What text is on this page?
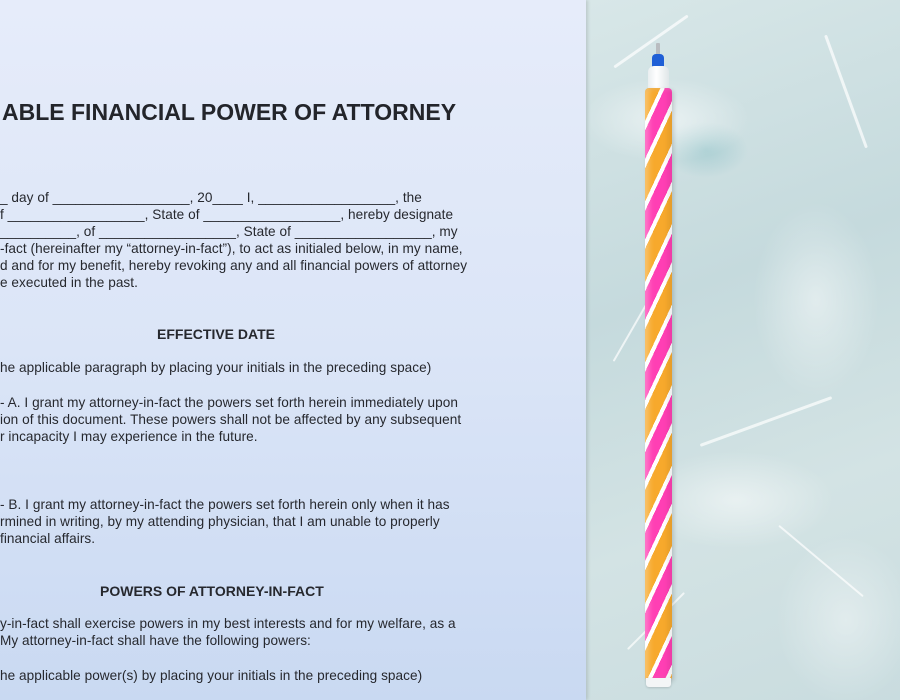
ABLE FINANCIAL POWER OF ATTORNEY
_ day of __________________, 20____ I, __________________, the
f __________________, State of __________________, hereby designate
__________, of __________________, State of __________________, my
-fact (hereinafter my “attorney-in-fact”), to act as initialed below, in my name,
d and for my benefit, hereby revoking any and all financial powers of attorney
e executed in the past.
EFFECTIVE DATE
he applicable paragraph by placing your initials in the preceding space)
- A. I grant my attorney-in-fact the powers set forth herein immediately upon
ion of this document. These powers shall not be affected by any subsequent
r incapacity I may experience in the future.
- B. I grant my attorney-in-fact the powers set forth herein only when it has
rmined in writing, by my attending physician, that I am unable to properly
financial affairs.
POWERS OF ATTORNEY-IN-FACT
y-in-fact shall exercise powers in my best interests and for my welfare, as a
My attorney-in-fact shall have the following powers:
he applicable power(s) by placing your initials in the preceding space)
